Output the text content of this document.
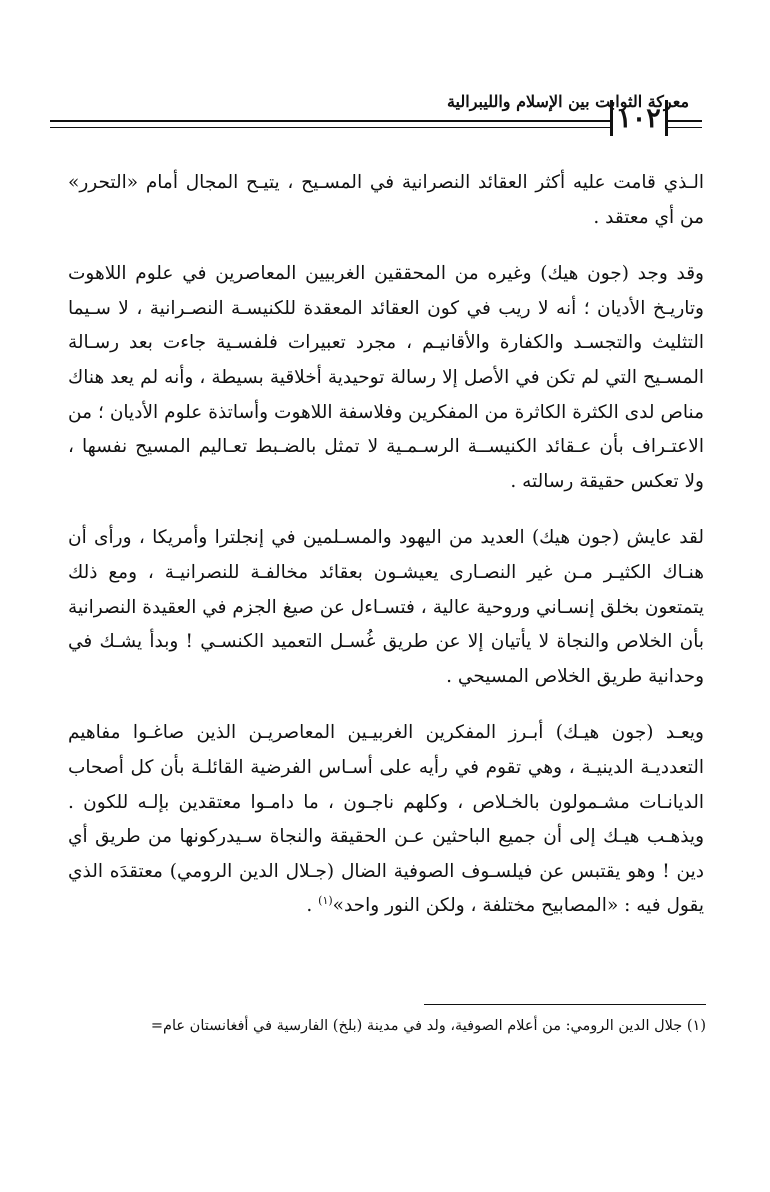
١٠٢
معركة الثوابت بين الإسلام والليبرالية

الـذي قامت عليه أكثر العقائد النصرانية في المسـيح ، يتيـح المجال أمام «التحرر» من أي معتقد .

وقد وجد (جون هيك) وغيره من المحققين الغربيين المعاصرين في علوم اللاهوت وتاريـخ الأديان ؛ أنه لا ريب في كون العقائد المعقدة للكنيسـة النصـرانية ، لا سـيما التثليث والتجسـد والكفارة والأقانيـم ، مجرد تعبيرات فلفسـية جاءت بعد رسـالة المسـيح التي لم تكن في الأصل إلا رسالة توحيدية أخلاقية بسيطة ، وأنه لم يعد هناك مناص لدى الكثرة الكاثرة من المفكرين وفلاسفة اللاهوت وأساتذة علوم الأديان ؛ من الاعتـراف بأن عـقائد الكنيســة الرسـمـية لا تمثل بالضـبط تعـاليم المسيح نفسها ، ولا تعكس حقيقة رسالته .

لقد عايش (جون هيك) العديد من اليهود والمسـلمين في إنجلترا وأمريكا ، ورأى أن هنـاك الكثيـر مـن غير النصـارى يعيشـون بعقائد مخالفـة للنصرانيـة ، ومع ذلك يتمتعون بخلق إنسـاني وروحية عالية ، فتسـاءل عن صيغ الجزم في العقيدة النصرانية بأن الخلاص والنجاة لا يأتيان إلا عن طريق غُسـل التعميد الكنسـي ! وبدأ يشـك في وحدانية طريق الخلاص المسيحي .

ويعـد (جون هيـك) أبـرز المفكرين الغربيـين المعاصريـن الذين صاغـوا مفاهيم التعدديـة الدينيـة ، وهي تقوم في رأيه على أسـاس الفرضية القائلـة بأن كل أصحاب الديانـات مشـمولون بالخـلاص ، وكلهم ناجـون ، ما دامـوا معتقدين بإلـه للكون . ويذهـب هيـك إلى أن جميع الباحثين عـن الحقيقة والنجاة سـيدركونها من طريق أي دين ! وهو يقتبس عن فيلسـوف الصوفية الضال (جـلال الدين الرومي) معتقدَه الذي يقول فيه : «المصابيح مختلفة ، ولكن النور واحد»$^{(١)}$ .

(١) جلال الدين الرومي: من أعلام الصوفية، ولد في مدينة (بلخ) الفارسية في أفغانستان عام=
